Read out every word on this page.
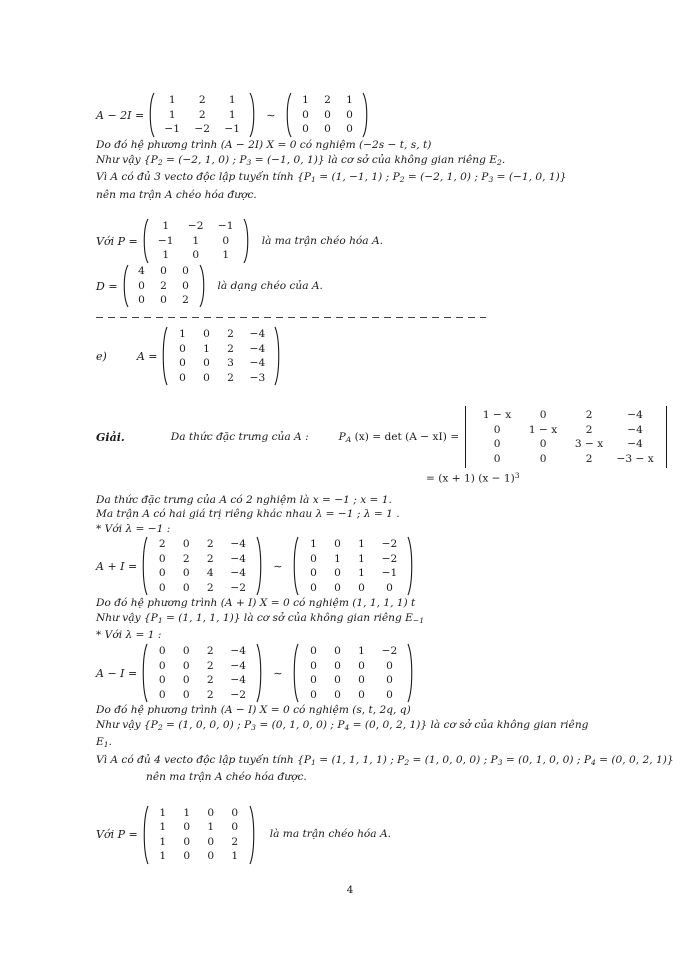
A − 2I =
1	2	1
1	2	1
−1	−2	−1
∼
1	2	1
0	0	0
0	0	0
Do đó hệ phương trình (A − 2I) X = 0 có nghiệm (−2s − t, s, t)
Như vậy {$P_2 = (-2$, 1, 0) ; $P_3 = (-1$, 0, 1)} là cơ sở của không gian riêng $E_2$.
Vì A có đủ 3 vecto độc lập tuyến tính {$P_1 = (1$, −1, 1) ; $P_2 = (-2$, 1, 0) ; $P_3 = (-1$, 0, 1)}
nên ma trận A chéo hóa được.
Với P =
1	−2	−1
−1	1	0
1	0	1
là ma trận chéo hóa A.
D =
4	0	0
0	2	0
0	0	2
là dạng chéo của A.
e)	A =
1	0	2	−4
0	1	2	−4
0	0	3	−4
0	0	2	−3
Giải.	Da thức đặc trưng của A :	$P_A$ (x) = det (A − xI) =
1 − x	0	2	−4
0	1 − x	2	−4
0	0	3 − x	−4
0	0	2	−3 − x
= (x + 1) $(x - 1)^3$
Da thức đặc trưng của A có 2 nghiệm là x = −1 ; x = 1.
Ma trận A có hai giá trị riêng khác nhau λ = −1 ; λ = 1 .
* Với λ = −1 :
A + I =
2	0	2	−4
0	2	2	−4
0	0	4	−4
0	0	2	−2
∼
1	0	1	−2
0	1	1	−2
0	0	1	−1
0	0	0	0
Do đó hệ phương trình (A + I) X = 0 có nghiệm (1, 1, 1, 1) t
Như vậy {$P_1 = (1$, 1, 1, 1)} là cơ sở của không gian riêng $E_{-1}$
* Với λ = 1 :
A − I =
0	0	2	−4
0	0	2	−4
0	0	2	−4
0	0	2	−2
∼
0	0	1	−2
0	0	0	0
0	0	0	0
0	0	0	0
Do đó hệ phương trình (A − I) X = 0 có nghiệm (s, t, 2q, q)
Như vậy {$P_2 = (1$, 0, 0, 0) ; $P_3 = (0$, 1, 0, 0) ; $P_4 = (0$, 0, 2, 1)} là cơ sở của không gian riêng
$E_1$.
Vì A có đủ 4 vecto độc lập tuyến tính {$P_1 = (1$, 1, 1, 1) ; $P_2 = (1$, 0, 0, 0) ; $P_3 = (0$, 1, 0, 0) ; $P_4 = (0$, 0, 2, 1)}
nên ma trận A chéo hóa được.
Với P =
1	1	0	0
1	0	1	0
1	0	0	2
1	0	0	1
là ma trận chéo hóa A.
4
